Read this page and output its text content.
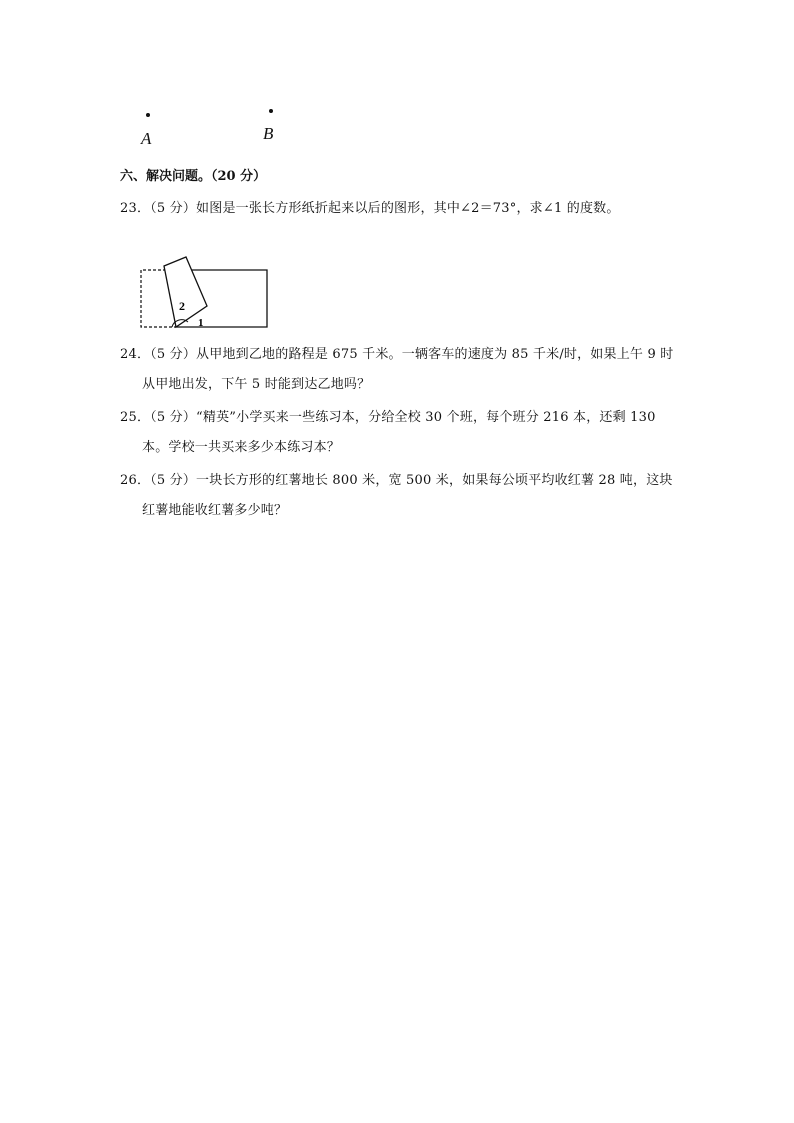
A	B
六、解决问题。（20 分）
23．（5 分）如图是一张长方形纸折起来以后的图形，其中∠2＝73°，求∠1 的度数。
2
1
24．（5 分）从甲地到乙地的路程是 675 千米。一辆客车的速度为 85 千米/时，如果上午 9 时
从甲地出发，下午 5 时能到达乙地吗？
25．（5 分）“精英”小学买来一些练习本，分给全校 30 个班，每个班分 216 本，还剩 130
本。学校一共买来多少本练习本？
26．（5 分）一块长方形的红薯地长 800 米，宽 500 米，如果每公顷平均收红薯 28 吨，这块
红薯地能收红薯多少吨？
